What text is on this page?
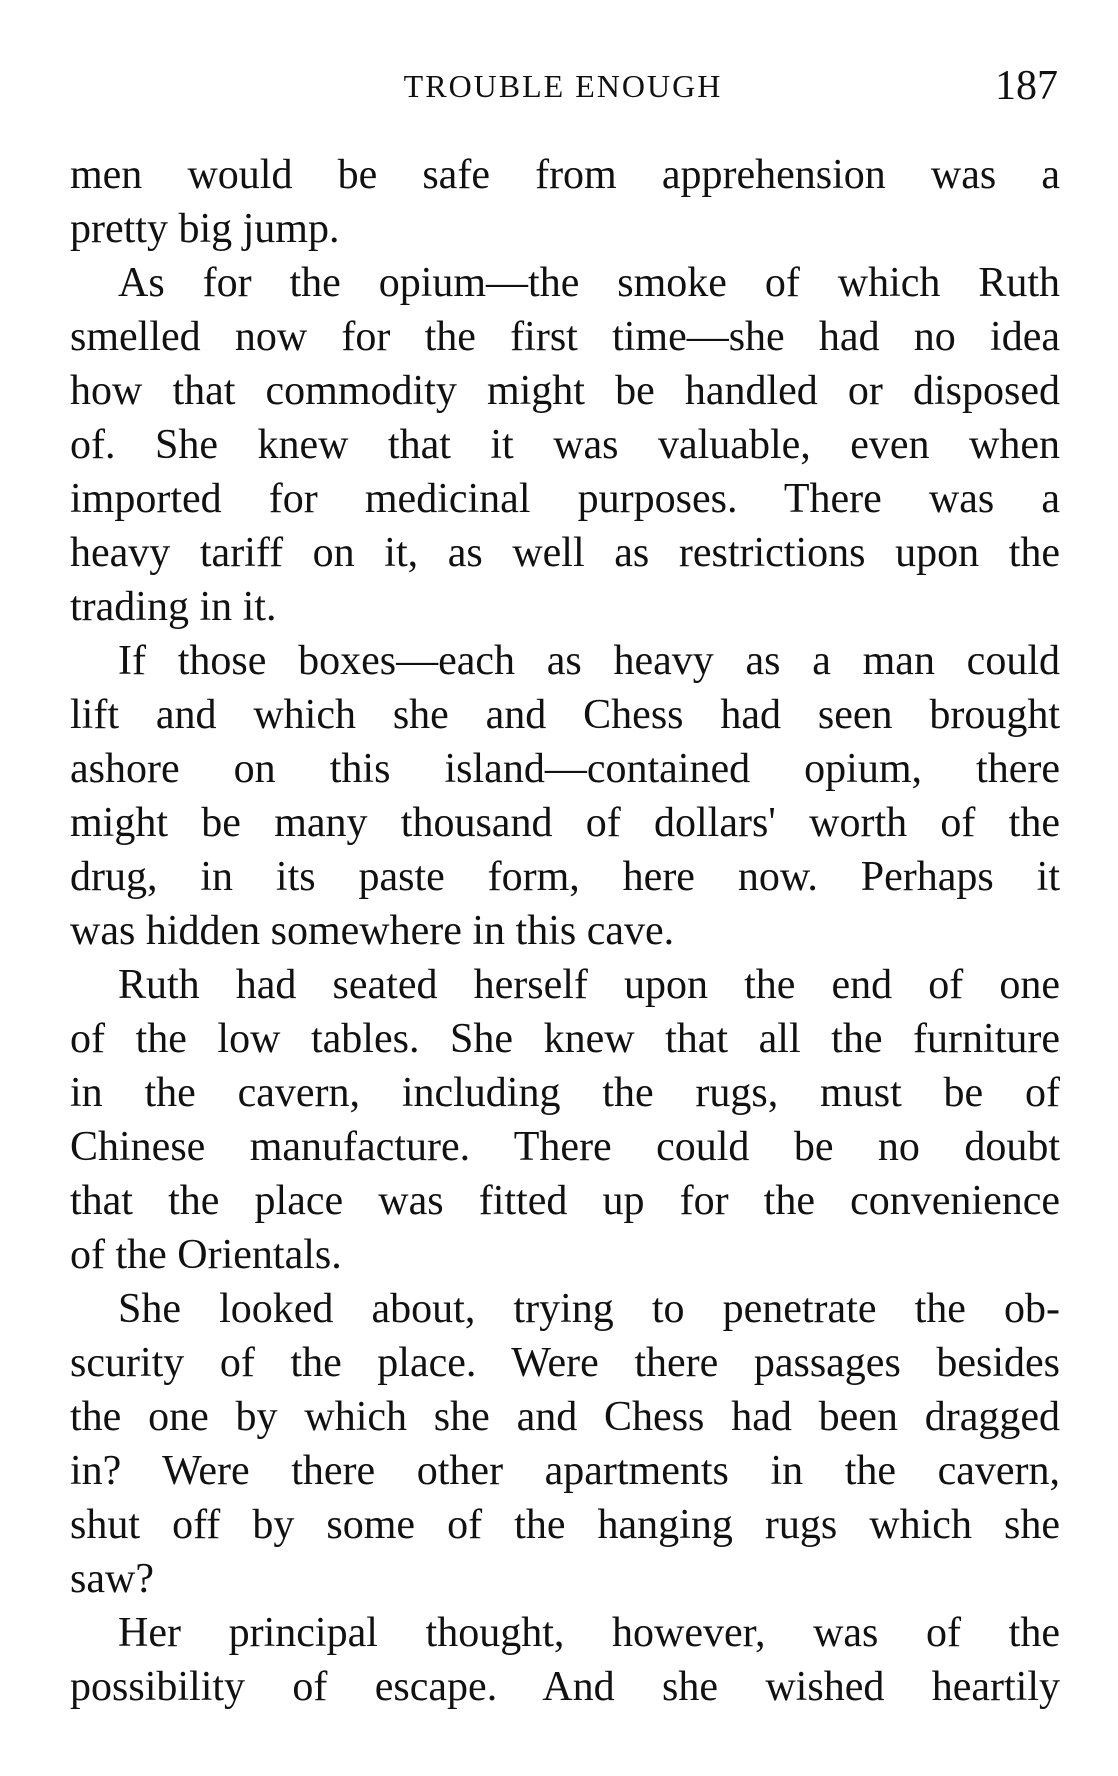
TROUBLE ENOUGH	187

men would be safe from apprehension was a
pretty big jump.

As for the opium—the smoke of which Ruth
smelled now for the first time—she had no idea
how that commodity might be handled or disposed
of. She knew that it was valuable, even when
imported for medicinal purposes. There was a
heavy tariff on it, as well as restrictions upon the
trading in it.

If those boxes—each as heavy as a man could
lift and which she and Chess had seen brought
ashore on this island—contained opium, there
might be many thousand of dollars' worth of the
drug, in its paste form, here now. Perhaps it
was hidden somewhere in this cave.

Ruth had seated herself upon the end of one
of the low tables. She knew that all the furniture
in the cavern, including the rugs, must be of
Chinese manufacture. There could be no doubt
that the place was fitted up for the convenience
of the Orientals.

She looked about, trying to penetrate the ob-
scurity of the place. Were there passages besides
the one by which she and Chess had been dragged
in? Were there other apartments in the cavern,
shut off by some of the hanging rugs which she
saw?

Her principal thought, however, was of the
possibility of escape. And she wished heartily
